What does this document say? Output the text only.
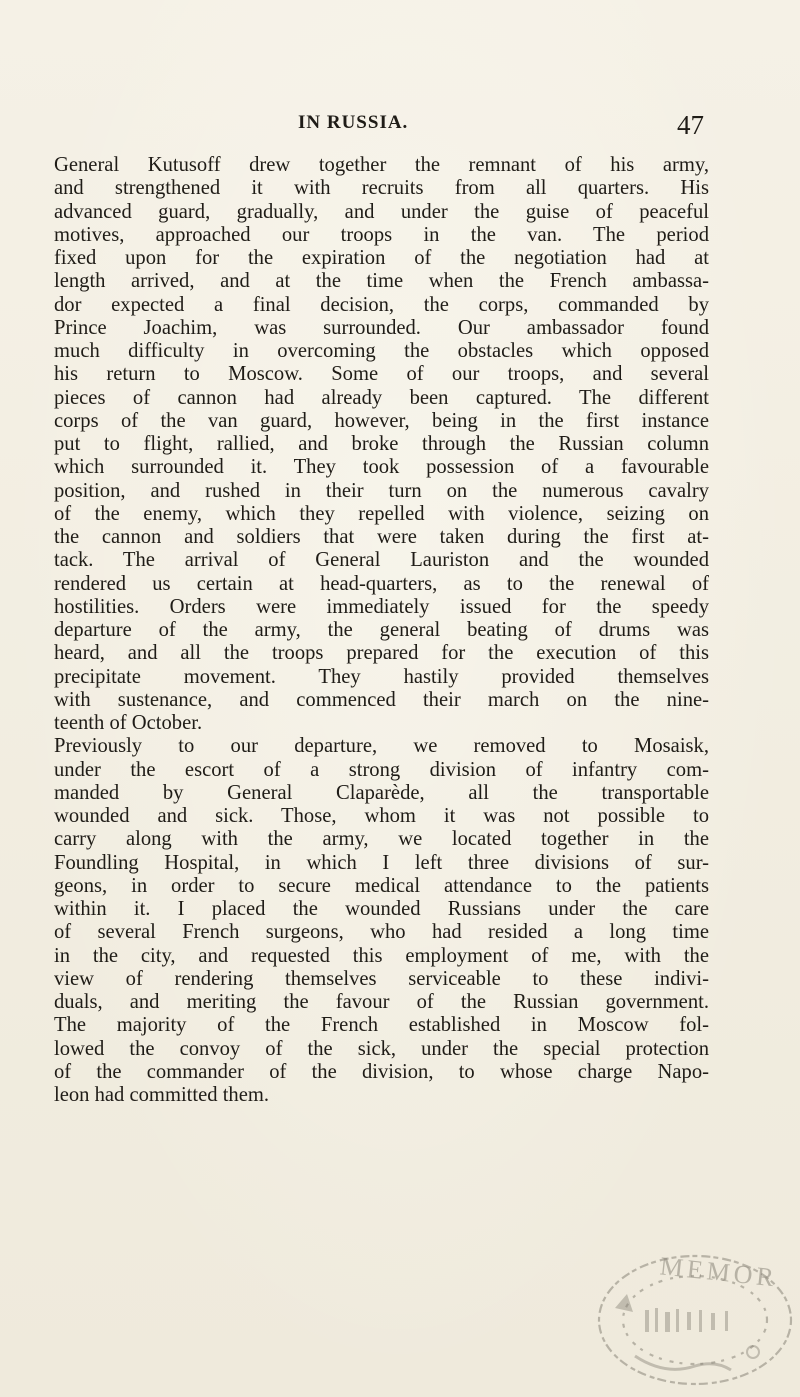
IN RUSSIA.	47
General Kutusoff drew together the remnant of his army,
and strengthened it with recruits from all quarters. His
advanced guard, gradually, and under the guise of peaceful
motives, approached our troops in the van. The period
fixed upon for the expiration of the negotiation had at
length arrived, and at the time when the French ambassa-
dor expected a final decision, the corps, commanded by
Prince Joachim, was surrounded. Our ambassador found
much difficulty in overcoming the obstacles which opposed
his return to Moscow. Some of our troops, and several
pieces of cannon had already been captured. The different
corps of the van guard, however, being in the first instance
put to flight, rallied, and broke through the Russian column
which surrounded it. They took possession of a favourable
position, and rushed in their turn on the numerous cavalry
of the enemy, which they repelled with violence, seizing on
the cannon and soldiers that were taken during the first at-
tack. The arrival of General Lauriston and the wounded
rendered us certain at head-quarters, as to the renewal of
hostilities. Orders were immediately issued for the speedy
departure of the army, the general beating of drums was
heard, and all the troops prepared for the execution of this
precipitate movement. They hastily provided themselves
with sustenance, and commenced their march on the nine-
teenth of October.
Previously to our departure, we removed to Mosaisk,
under the escort of a strong division of infantry com-
manded by General Claparède, all the transportable
wounded and sick. Those, whom it was not possible to
carry along with the army, we located together in the
Foundling Hospital, in which I left three divisions of sur-
geons, in order to secure medical attendance to the patients
within it. I placed the wounded Russians under the care
of several French surgeons, who had resided a long time
in the city, and requested this employment of me, with the
view of rendering themselves serviceable to these indivi-
duals, and meriting the favour of the Russian government.
The majority of the French established in Moscow fol-
lowed the convoy of the sick, under the special protection
of the commander of the division, to whose charge Napo-
leon had committed them.
MEMOR
